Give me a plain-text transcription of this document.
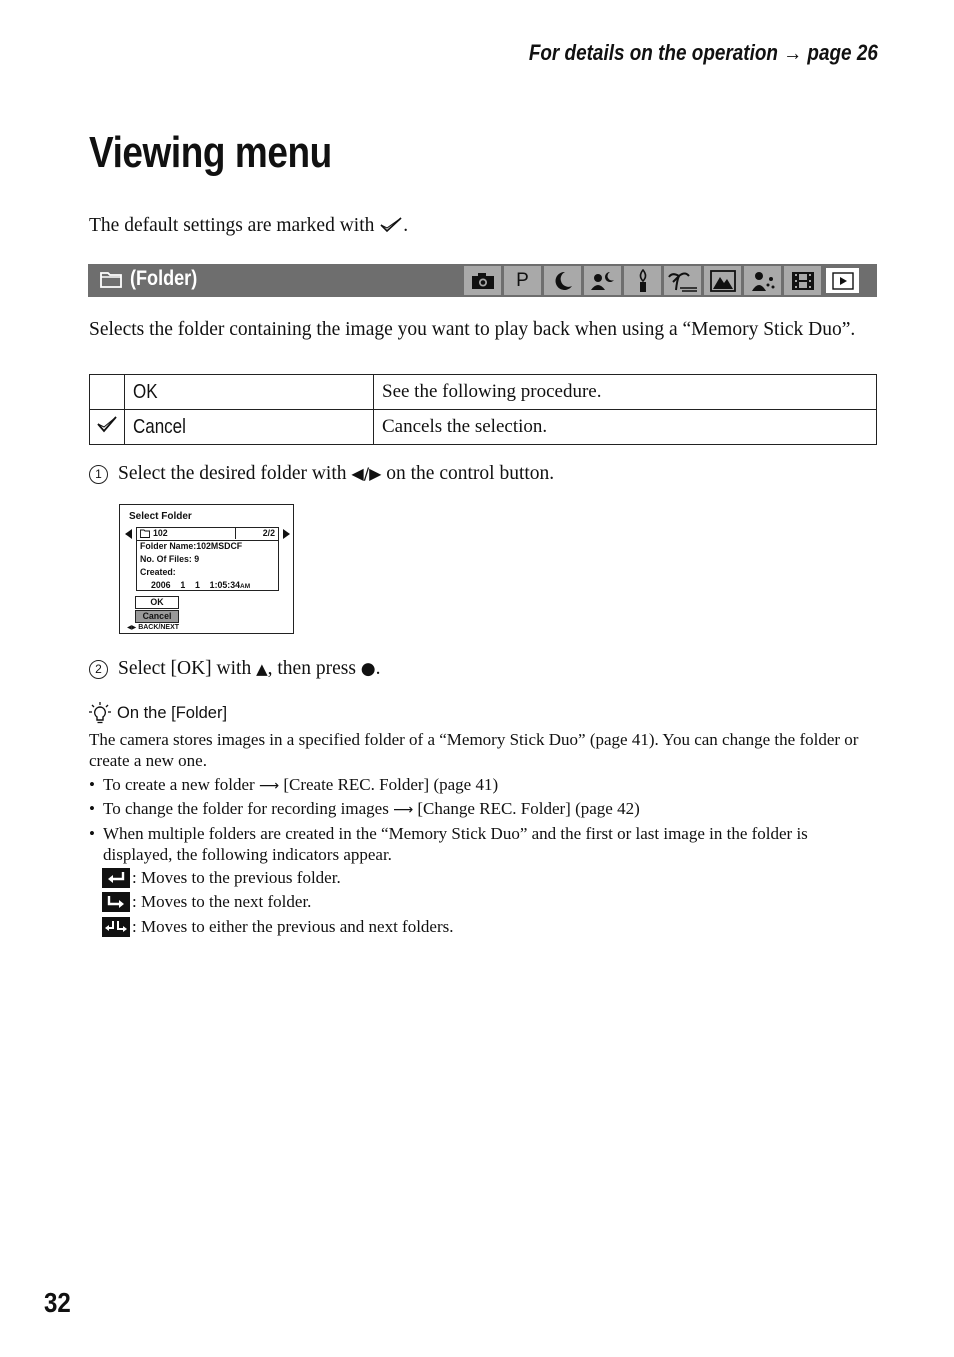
For details on the operation → page 26
Viewing menu
The default settings are marked with .
(Folder)	P
Selects the folder containing the image you want to play back when using a “Memory Stick Duo”.
	OK	See the following procedure.
	Cancel	Cancels the selection.
1 Select the desired folder with ◀/▶ on the control button.
Select Folder
102	2/2
Folder Name:102MSDCF
No. Of Files: 9
Created:
2006    1    1    1:05:34AM
OK
Cancel
◀▶ BACK/NEXT
2 Select [OK] with ▲, then press ●.
On the [Folder]
The camera stores images in a specified folder of a “Memory Stick Duo” (page 41). You can change the folder or create a new one.
• To create a new folder ⟶ [Create REC. Folder] (page 41)
• To change the folder for recording images ⟶ [Change REC. Folder] (page 42)
• When multiple folders are created in the “Memory Stick Duo” and the first or last image in the folder is displayed, the following indicators appear.
: Moves to the previous folder.
: Moves to the next folder.
: Moves to either the previous and next folders.
32
